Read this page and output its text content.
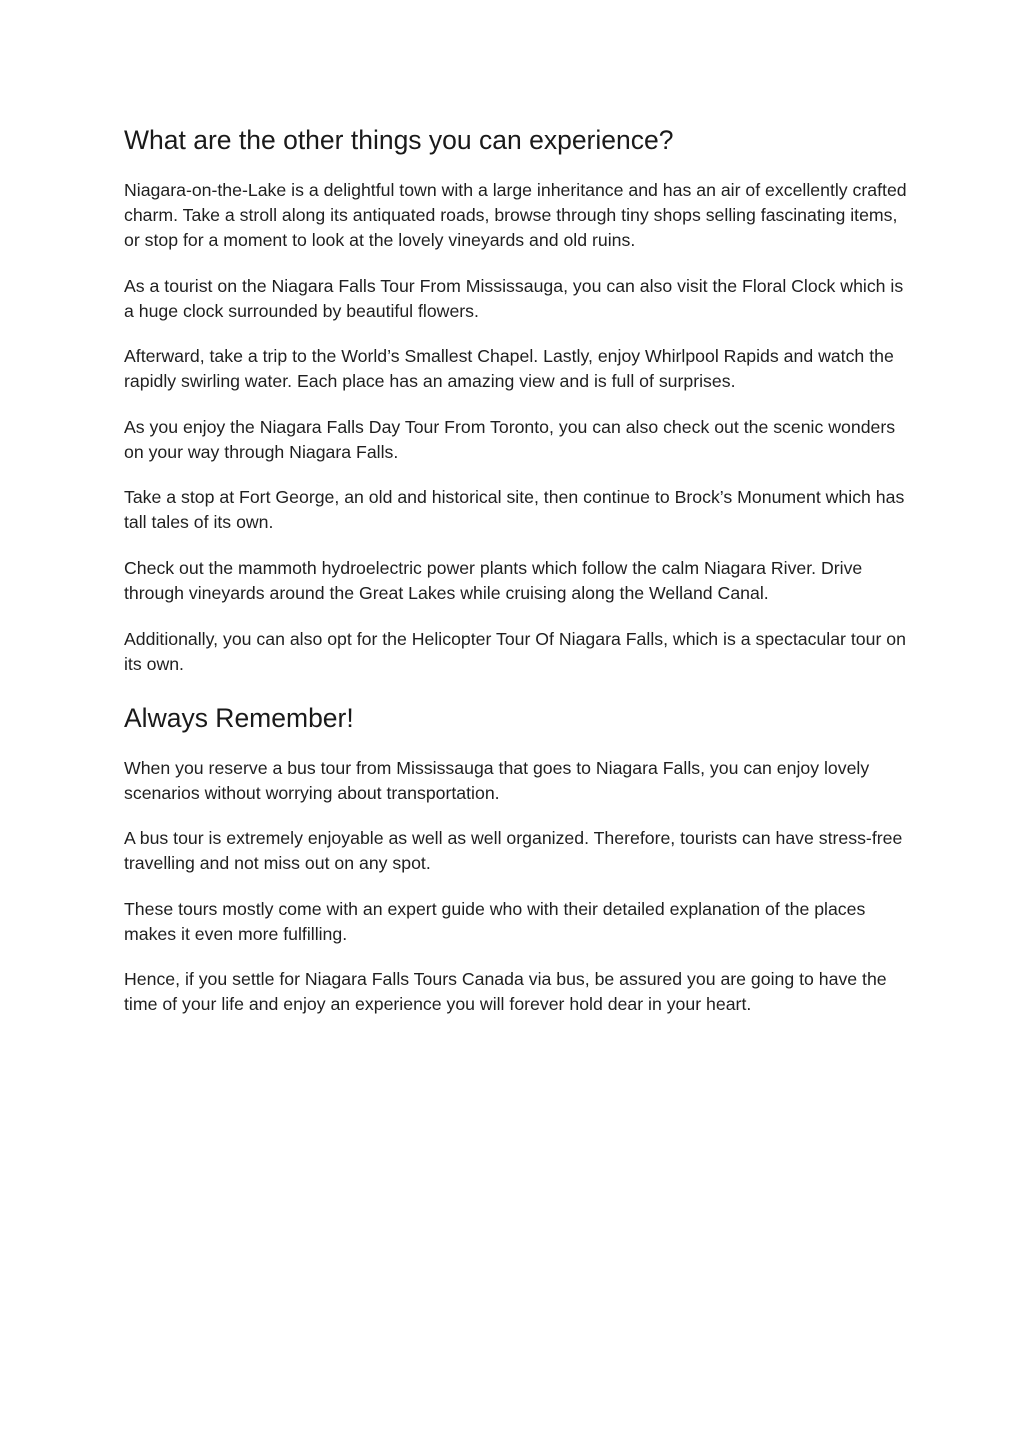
What are the other things you can experience?

Niagara-on-the-Lake is a delightful town with a large inheritance and has an air of excellently crafted charm. Take a stroll along its antiquated roads, browse through tiny shops selling fascinating items, or stop for a moment to look at the lovely vineyards and old ruins.

As a tourist on the Niagara Falls Tour From Mississauga, you can also visit the Floral Clock which is a huge clock surrounded by beautiful flowers.

Afterward, take a trip to the World’s Smallest Chapel. Lastly, enjoy Whirlpool Rapids and watch the rapidly swirling water. Each place has an amazing view and is full of surprises.

As you enjoy the Niagara Falls Day Tour From Toronto, you can also check out the scenic wonders on your way through Niagara Falls.

Take a stop at Fort George, an old and historical site, then continue to Brock’s Monument which has tall tales of its own.

Check out the mammoth hydroelectric power plants which follow the calm Niagara River. Drive through vineyards around the Great Lakes while cruising along the Welland Canal.

Additionally, you can also opt for the Helicopter Tour Of Niagara Falls, which is a spectacular tour on its own.

Always Remember!

When you reserve a bus tour from Mississauga that goes to Niagara Falls, you can enjoy lovely scenarios without worrying about transportation.

A bus tour is extremely enjoyable as well as well organized. Therefore, tourists can have stress-free travelling and not miss out on any spot.

These tours mostly come with an expert guide who with their detailed explanation of the places makes it even more fulfilling.

Hence, if you settle for Niagara Falls Tours Canada via bus, be assured you are going to have the time of your life and enjoy an experience you will forever hold dear in your heart.
